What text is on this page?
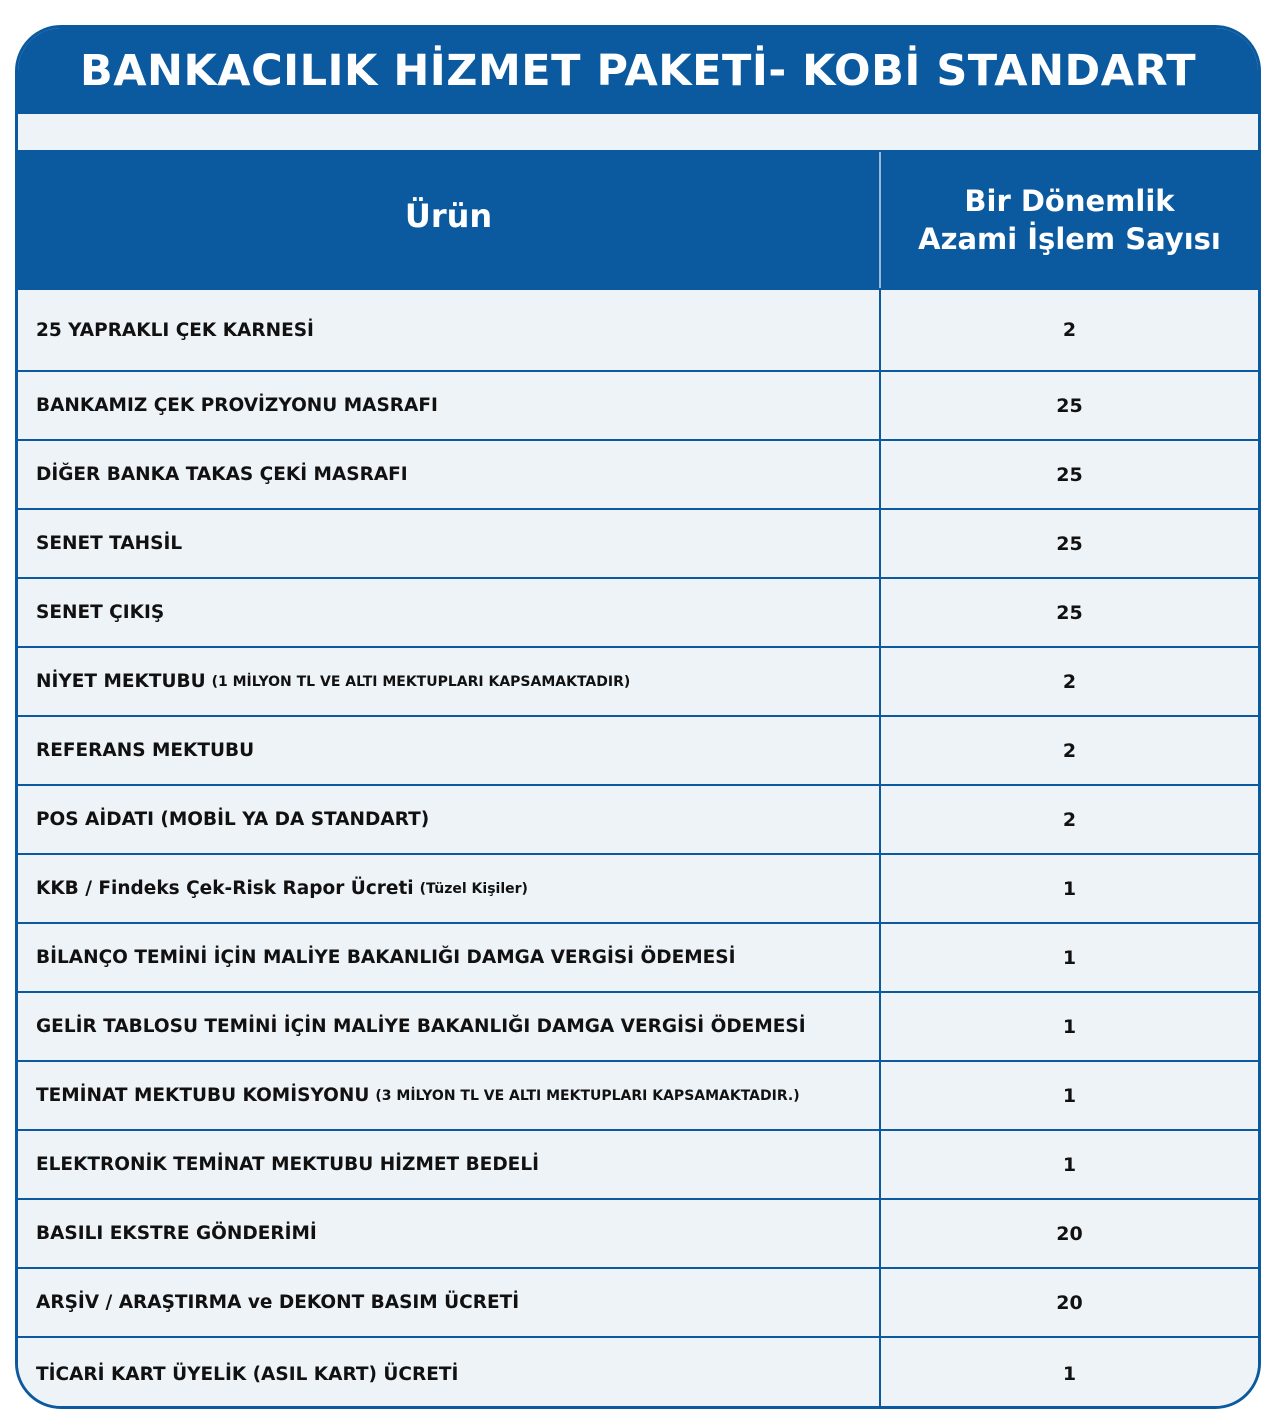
BANKACILIK HİZMET PAKETİ- KOBİ STANDART
Ürün	Bir Dönemlik
Azami İşlem Sayısı
25 YAPRAKLI ÇEK KARNESİ	2
BANKAMIZ ÇEK PROVİZYONU MASRAFI	25
DİĞER BANKA TAKAS ÇEKİ MASRAFI	25
SENET TAHSİL	25
SENET ÇIKIŞ	25
NİYET MEKTUBU (1 MİLYON TL VE ALTI MEKTUPLARI KAPSAMAKTADIR)	2
REFERANS MEKTUBU	2
POS AİDATI (MOBİL YA DA STANDART)	2
KKB / Findeks Çek-Risk Rapor Ücreti (Tüzel Kişiler)	1
BİLANÇO TEMİNİ İÇİN MALİYE BAKANLIĞI DAMGA VERGİSİ ÖDEMESİ	1
GELİR TABLOSU TEMİNİ İÇİN MALİYE BAKANLIĞI DAMGA VERGİSİ ÖDEMESİ	1
TEMİNAT MEKTUBU KOMİSYONU (3 MİLYON TL VE ALTI MEKTUPLARI KAPSAMAKTADIR.)	1
ELEKTRONİK TEMİNAT MEKTUBU HİZMET BEDELİ	1
BASILI EKSTRE GÖNDERİMİ	20
ARŞİV / ARAŞTIRMA ve DEKONT BASIM ÜCRETİ	20
TİCARİ KART ÜYELİK (ASIL KART) ÜCRETİ	1
